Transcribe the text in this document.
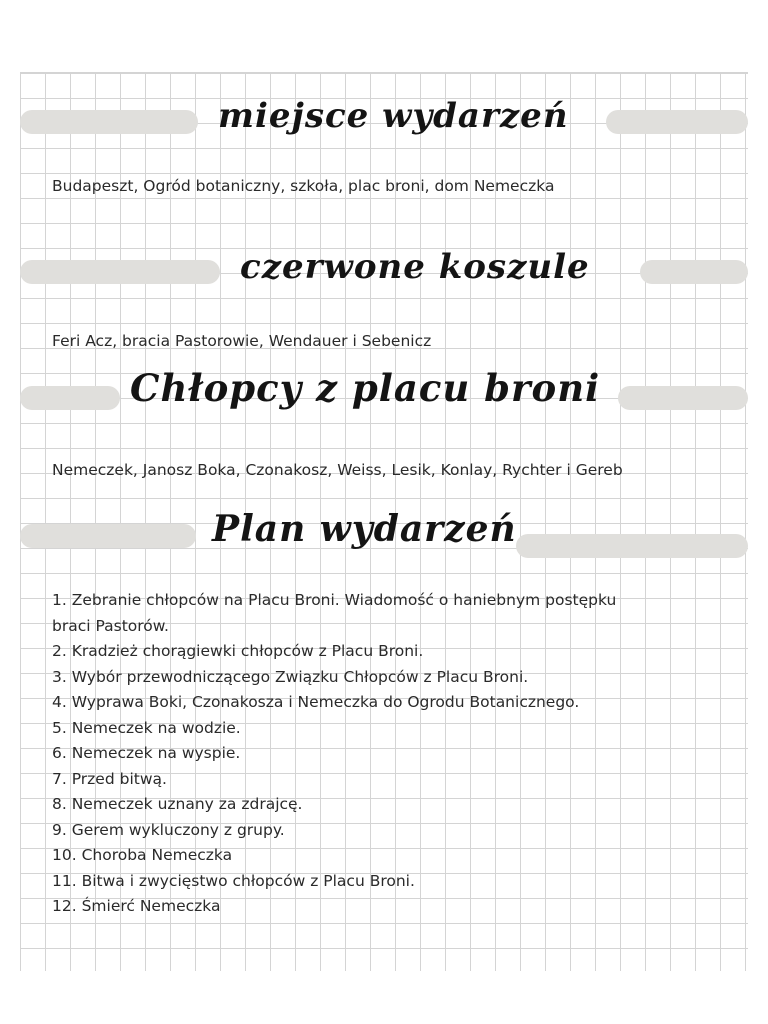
miejsce wydarzeń

Budapeszt, Ogród botaniczny, szkoła, plac broni, dom Nemeczka

czerwone koszule

Feri Acz, bracia Pastorowie, Wendauer i Sebenicz

Chłopcy z placu broni

Nemeczek, Janosz Boka, Czonakosz, Weiss, Lesik, Konlay, Rychter i Gereb

Plan wydarzeń
1. Zebranie chłopców na Placu Broni. Wiadomość o haniebnym postępku
braci Pastorów.
2. Kradzież chorągiewki chłopców z Placu Broni.
3. Wybór przewodniczącego Związku Chłopców z Placu Broni.
4. Wyprawa Boki, Czonakosza i Nemeczka do Ogrodu Botanicznego.
5. Nemeczek na wodzie.
6. Nemeczek na wyspie.
7. Przed bitwą.
8. Nemeczek uznany za zdrajcę.
9. Gerem wykluczony z grupy.
10. Choroba Nemeczka
11. Bitwa i zwycięstwo chłopców z Placu Broni.
12. Śmierć Nemeczka
